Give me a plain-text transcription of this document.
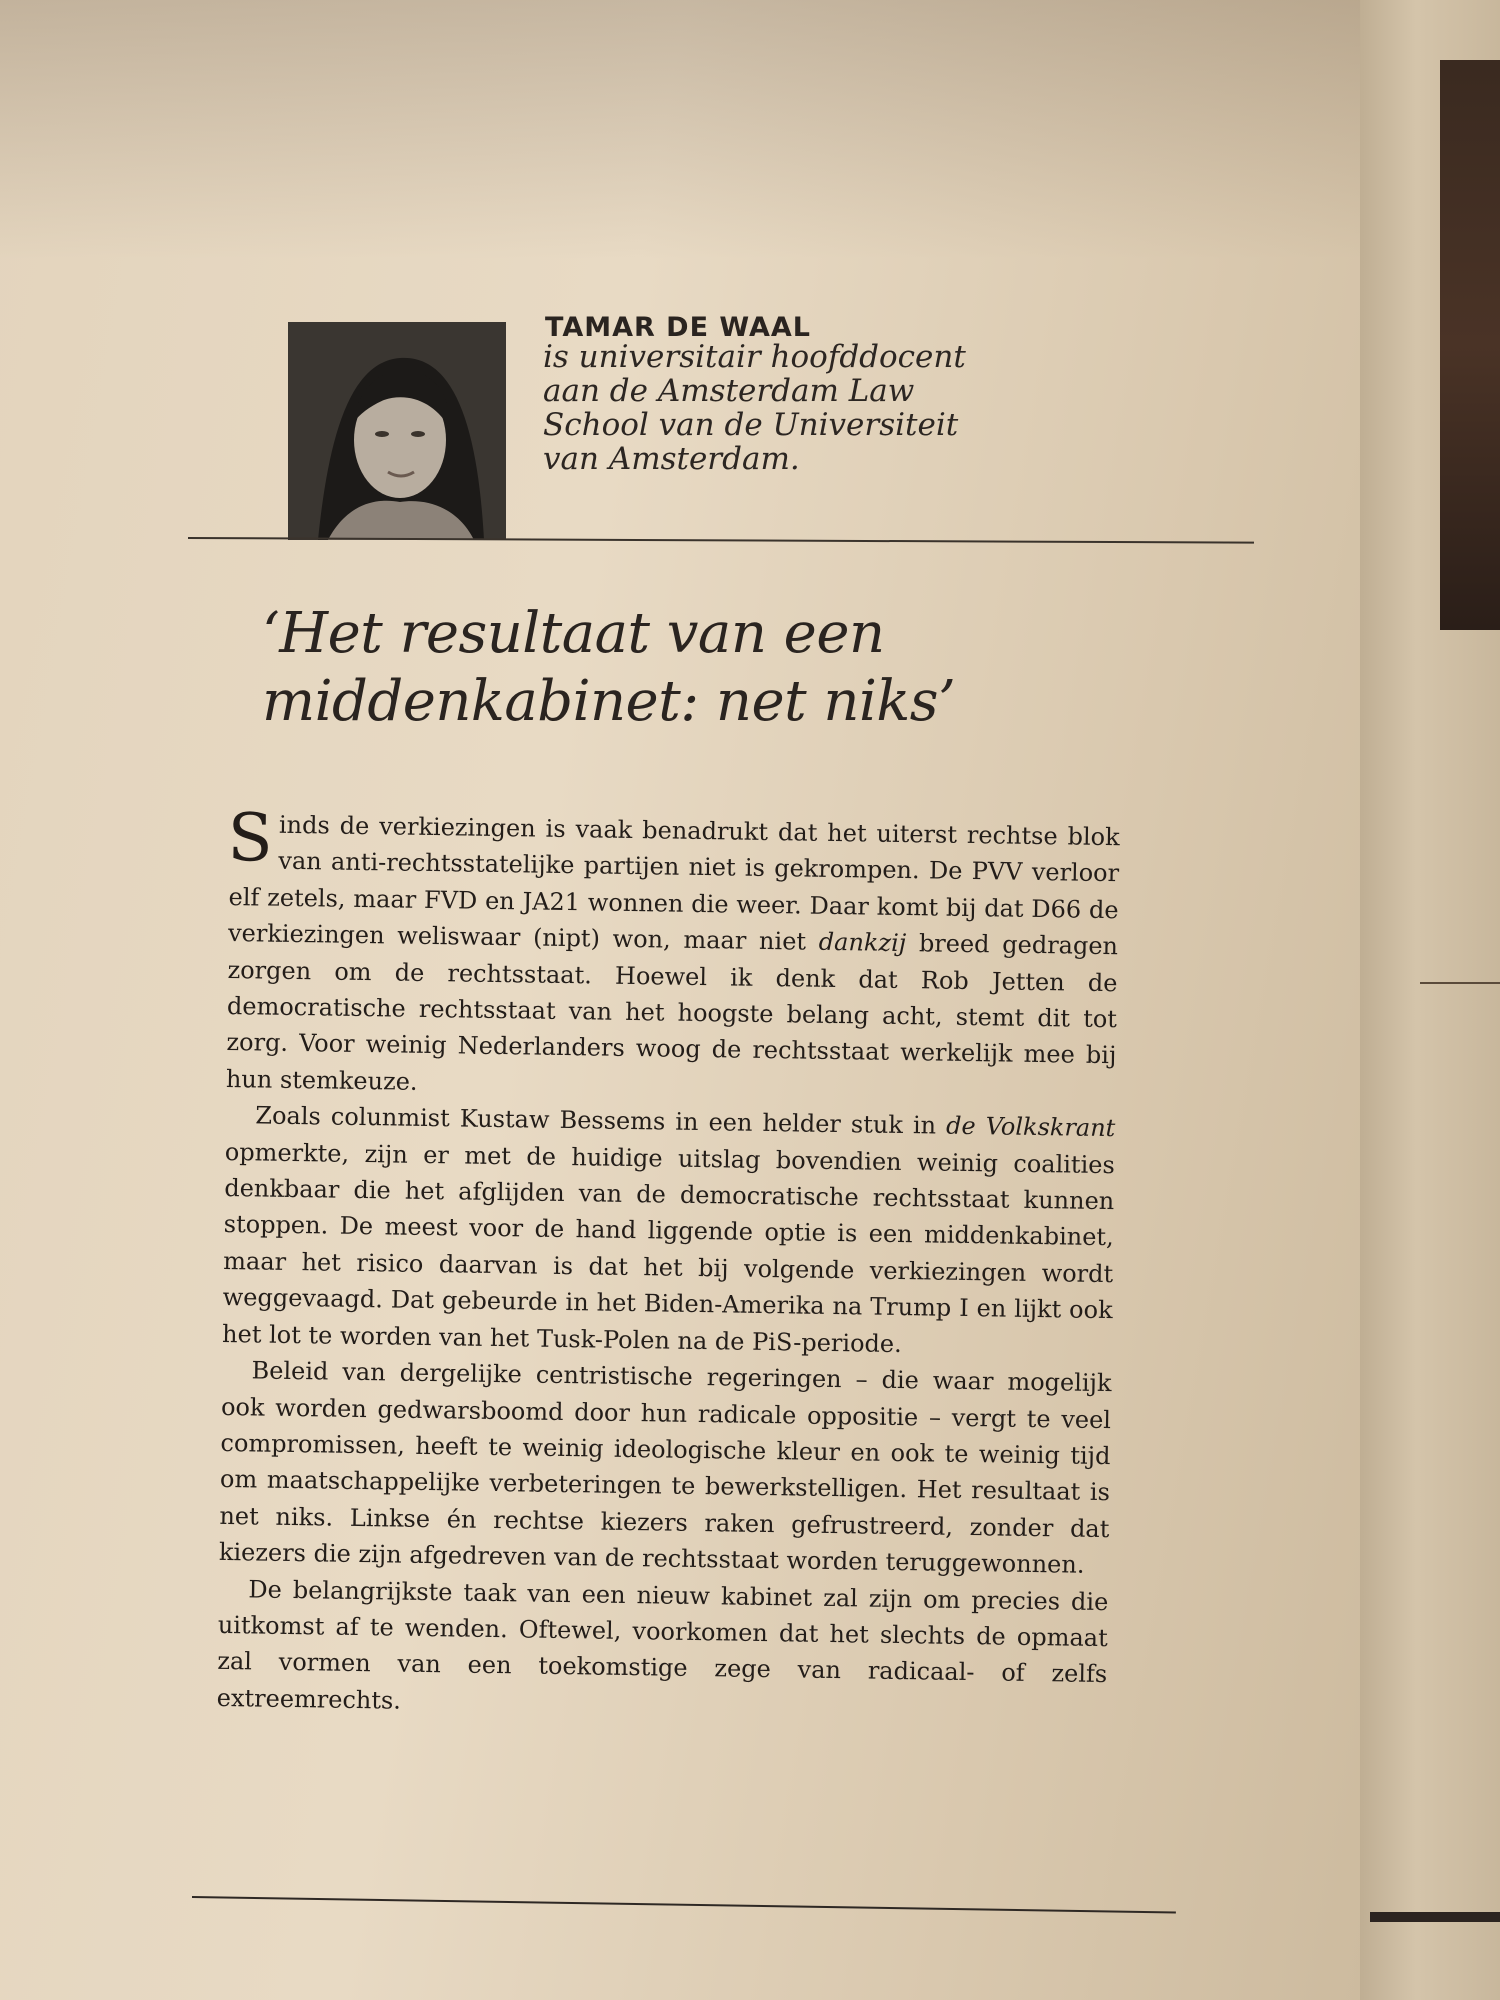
TAMAR DE WAAL
is universitair hoofddocent aan de Amsterdam Law School van de Universiteit van Amsterdam.
‘Het resultaat van een middenkabinet: net niks’

Sinds de verkiezingen is vaak benadrukt dat het uiterst rechtse blok van anti-rechtsstatelijke partijen niet is gekrompen. De PVV verloor elf zetels, maar FVD en JA21 wonnen die weer. Daar komt bij dat D66 de verkiezingen weliswaar (nipt) won, maar niet dankzij breed gedragen zorgen om de rechtsstaat. Hoewel ik denk dat Rob Jetten de democratische rechtsstaat van het hoogste belang acht, stemt dit tot zorg. Voor weinig Nederlanders woog de rechtsstaat werkelijk mee bij hun stemkeuze.

Zoals colunmist Kustaw Bessems in een helder stuk in de Volkskrant opmerkte, zijn er met de huidige uitslag bovendien weinig coalities denkbaar die het afglijden van de democratische rechtsstaat kunnen stoppen. De meest voor de hand liggende optie is een middenkabinet, maar het risico daarvan is dat het bij volgende verkiezingen wordt weggevaagd. Dat gebeurde in het Biden-Amerika na Trump I en lijkt ook het lot te worden van het Tusk-Polen na de PiS-periode.

Beleid van dergelijke centristische regeringen – die waar mogelijk ook worden gedwarsboomd door hun radicale oppositie – vergt te veel compromissen, heeft te weinig ideologische kleur en ook te weinig tijd om maatschappelijke verbeteringen te bewerkstelligen. Het resultaat is net niks. Linkse én rechtse kiezers raken gefrustreerd, zonder dat kiezers die zijn afgedreven van de rechtsstaat worden teruggewonnen.

De belangrijkste taak van een nieuw kabinet zal zijn om precies die uitkomst af te wenden. Oftewel, voorkomen dat het slechts de opmaat zal vormen van een toekomstige zege van radicaal- of zelfs extreemrechts.
